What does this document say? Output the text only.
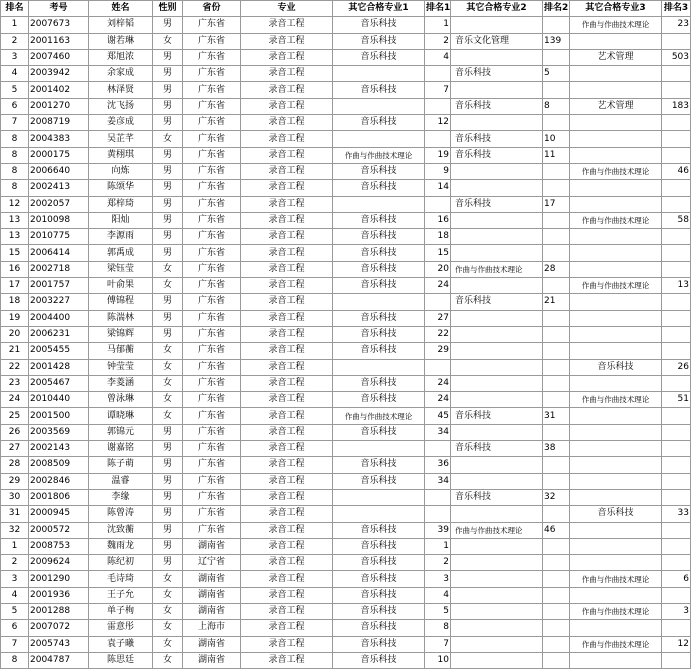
排名	考号	姓名	性别	省份	专业	其它合格专业1	排名1	其它合格专业2	排名2	其它合格专业3	排名3
1	2007673	刘梓韬	男	广东省	录音工程	音乐科技	1			作曲与作曲技术理论	23
2	2001163	谢若琳	女	广东省	录音工程	音乐科技	2	音乐文化管理	139		
3	2007460	郑旭浓	男	广东省	录音工程	音乐科技	4			艺术管理	503
4	2003942	余家成	男	广东省	录音工程			音乐科技	5		
5	2001402	林泽贤	男	广东省	录音工程	音乐科技	7				
6	2001270	沈飞扬	男	广东省	录音工程			音乐科技	8	艺术管理	183
7	2008719	姜彦成	男	广东省	录音工程	音乐科技	12				
8	2004383	吴芷芊	女	广东省	录音工程			音乐科技	10		
8	2000175	黄栩琪	男	广东省	录音工程	作曲与作曲技术理论	19	音乐科技	11		
8	2006640	向炼	男	广东省	录音工程	音乐科技	9			作曲与作曲技术理论	46
8	2002413	陈颂华	男	广东省	录音工程	音乐科技	14				
12	2002057	郑梓琦	男	广东省	录音工程			音乐科技	17		
13	2010098	阳灿	男	广东省	录音工程	音乐科技	16			作曲与作曲技术理论	58
13	2010775	李源雨	男	广东省	录音工程	音乐科技	18				
15	2006414	郭禹成	男	广东省	录音工程	音乐科技	15				
16	2002718	梁钰莹	女	广东省	录音工程	音乐科技	20	作曲与作曲技术理论	28		
17	2001757	叶俞果	女	广东省	录音工程	音乐科技	24			作曲与作曲技术理论	13
18	2003227	傅锦程	男	广东省	录音工程			音乐科技	21		
19	2004400	陈湍林	男	广东省	录音工程	音乐科技	27				
20	2006231	梁锦辉	男	广东省	录音工程	音乐科技	22				
21	2005455	马郁蘅	女	广东省	录音工程	音乐科技	29				
22	2001428	钟莹莹	女	广东省	录音工程					音乐科技	26
23	2005467	李菱涵	女	广东省	录音工程	音乐科技	24				
24	2010440	曾泳琳	女	广东省	录音工程	音乐科技	24			作曲与作曲技术理论	51
25	2001500	谭晓琳	女	广东省	录音工程	作曲与作曲技术理论	45	音乐科技	31		
26	2003569	郭锦元	男	广东省	录音工程	音乐科技	34				
27	2002143	谢嘉铭	男	广东省	录音工程			音乐科技	38		
28	2008509	陈子萌	男	广东省	录音工程	音乐科技	36				
29	2002846	温睿	男	广东省	录音工程	音乐科技	34				
30	2001806	李缘	男	广东省	录音工程			音乐科技	32		
31	2000945	陈曾涛	男	广东省	录音工程					音乐科技	33
32	2000572	沈致蘅	男	广东省	录音工程	音乐科技	39	作曲与作曲技术理论	46		
1	2008753	魏雨龙	男	湖南省	录音工程	音乐科技	1				
2	2009624	陈纪初	男	辽宁省	录音工程	音乐科技	2				
3	2001290	毛诗琦	女	湖南省	录音工程	音乐科技	3			作曲与作曲技术理论	6
4	2001936	王子允	女	湖南省	录音工程	音乐科技	4				
5	2001288	单子栒	女	湖南省	录音工程	音乐科技	5			作曲与作曲技术理论	3
6	2007072	雷意彤	女	上海市	录音工程	音乐科技	8				
7	2005743	袁子曦	女	湖南省	录音工程	音乐科技	7			作曲与作曲技术理论	12
8	2004787	陈思廷	女	湖南省	录音工程	音乐科技	10				
